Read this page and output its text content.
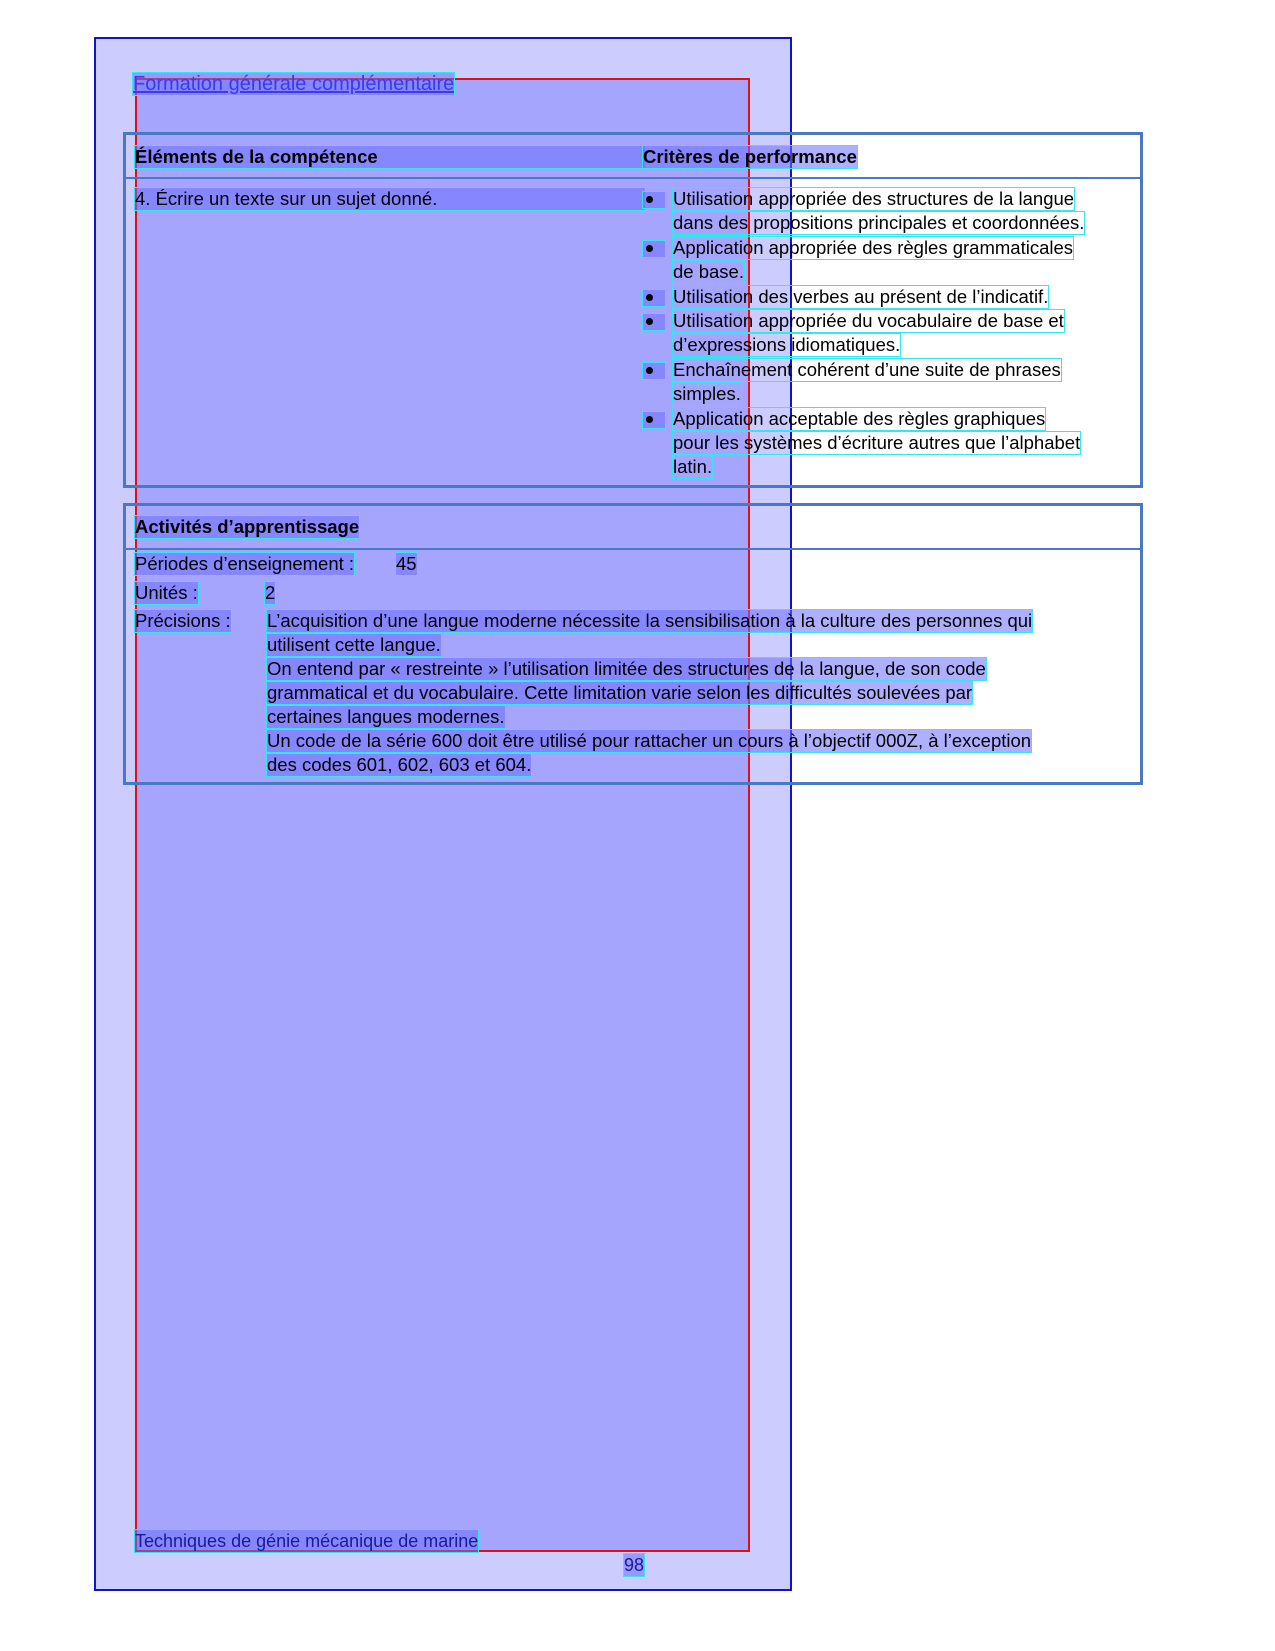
Formation générale complémentaire
Éléments de la compétence	Critères de performance
4. Écrire un texte sur un sujet donné.	Utilisation appropriée des structures de la langue
dans des propositions principales et coordonnées.
Application appropriée des règles grammaticales
de base.
Utilisation des verbes au présent de l’indicatif.
Utilisation appropriée du vocabulaire de base et
d’expressions idiomatiques.
Enchaînement cohérent d’une suite de phrases
simples.
Application acceptable des règles graphiques
pour les systèmes d’écriture autres que l’alphabet
latin.
Activités d’apprentissage
Périodes d’enseignement : 45
Unités :	2
Précisions : L’acquisition d’une langue moderne nécessite la sensibilisation à la culture des personnes qui
utilisent cette langue.
On entend par « restreinte » l’utilisation limitée des structures de la langue, de son code
grammatical et du vocabulaire. Cette limitation varie selon les difficultés soulevées par
certaines langues modernes.
Un code de la série 600 doit être utilisé pour rattacher un cours à l’objectif 000Z, à l’exception
des codes 601, 602, 603 et 604.
Techniques de génie mécanique de marine
98
